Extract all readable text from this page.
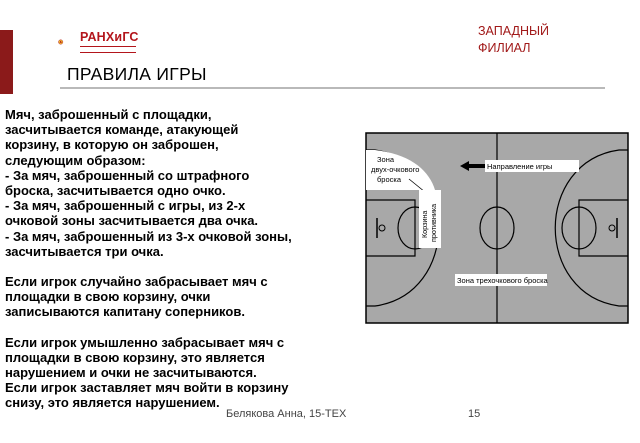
РАНХиГС	ЗАПАДНЫЙ
ФИЛИАЛ
ПРАВИЛА ИГРЫ

Мяч, заброшенный с площадки,
засчитывается команде, атакующей
корзину, в которую он заброшен,
следующим образом:
- За мяч, заброшенный со штрафного
броска, засчитывается одно очко.
- За мяч, заброшенный с игры, из 2-х
очковой зоны засчитывается два очка.
- За мяч, заброшенный из 3-х очковой зоны,
засчитывается три очка.

Если игрок случайно забрасывает мяч с
площадки в свою корзину, очки
записываются капитану соперников.

Если игрок умышленно забрасывает мяч с
площадки в свою корзину, это является
нарушением и очки не засчитываются.
Если игрок заставляет мяч войти в корзину
снизу, это является нарушением.

Зона двух-очкового броска
Направление игры
Корзина противника
Зона трехочкового броска
Белякова Анна, 15-ТЕХ	15
